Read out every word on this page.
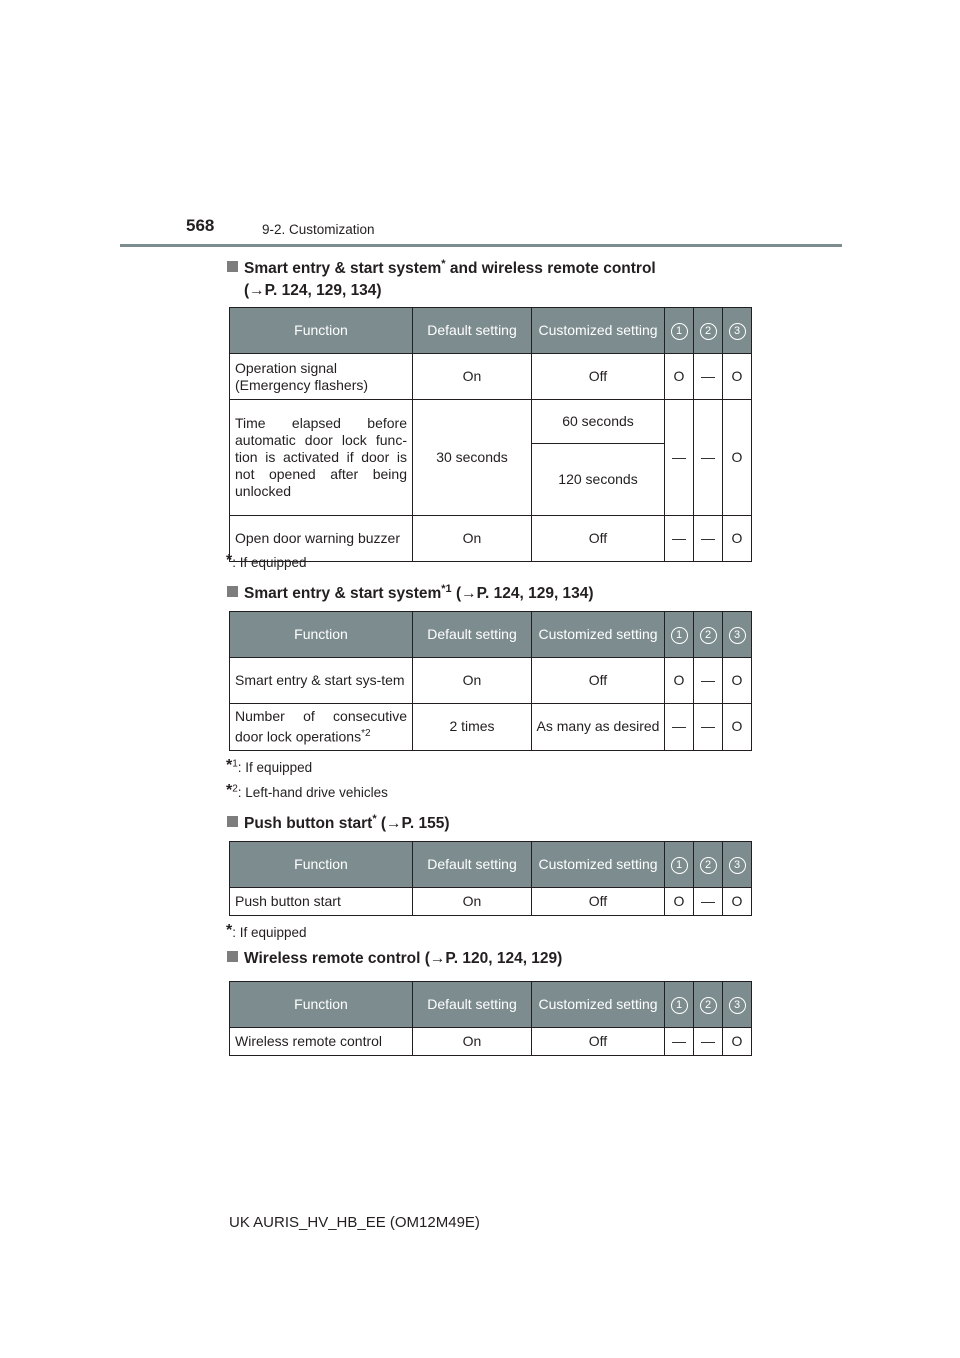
568	9-2. Customization
Smart entry & start system* and wireless remote control
(→P. 124, 129, 134)
Function	Default setting	Customized setting	1	2	3
Operation signal (Emergency flashers)	On	Off	O	—	O
Time elapsed before automatic door lock func-tion is activated if door is not opened after being unlocked	30 seconds	60 seconds	—	—	O
		120 seconds			
Open door warning buzzer	On	Off	—	—	O
*: If equipped
Smart entry & start system$^{*1}$ (→P. 124, 129, 134)
Function	Default setting	Customized setting	1	2	3
Smart entry & start sys-tem	On	Off	O	—	O
Number of consecutive door lock operations$^{*2}$	2 times	As many as desired	—	—	O
*$^1$: If equipped
*$^2$: Left-hand drive vehicles
Push button start* (→P. 155)
Function	Default setting	Customized setting	1	2	3
Push button start	On	Off	O	—	O
*: If equipped
Wireless remote control (→P. 120, 124, 129)
Function	Default setting	Customized setting	1	2	3
Wireless remote control	On	Off	—	—	O
UK AURIS_HV_HB_EE (OM12M49E)
